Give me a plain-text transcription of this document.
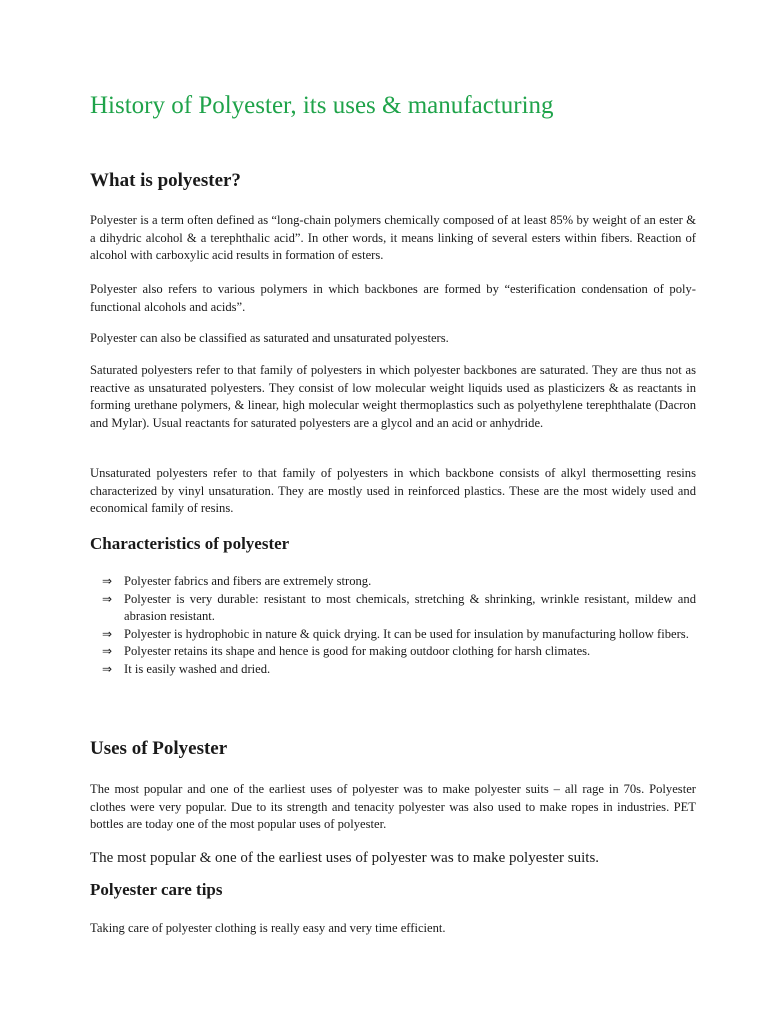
History of Polyester, its uses & manufacturing
What is polyester?

Polyester is a term often defined as “long-chain polymers chemically composed of at least 85% by weight of an ester & a dihydric alcohol & a terephthalic acid”. In other words, it means linking of several esters within fibers. Reaction of alcohol with carboxylic acid results in formation of esters.

Polyester also refers to various polymers in which backbones are formed by “esterification condensation of poly-functional alcohols and acids”.

Polyester can also be classified as saturated and unsaturated polyesters.

Saturated polyesters refer to that family of polyesters in which polyester backbones are saturated. They are thus not as reactive as unsaturated polyesters. They consist of low molecular weight liquids used as plasticizers & as reactants in forming urethane polymers, & linear, high molecular weight thermoplastics such as polyethylene terephthalate (Dacron and Mylar). Usual reactants for saturated polyesters are a glycol and an acid or anhydride.

Unsaturated polyesters refer to that family of polyesters in which backbone consists of alkyl thermosetting resins characterized by vinyl unsaturation. They are mostly used in reinforced plastics. These are the most widely used and economical family of resins.

Characteristics of polyester
⇒ Polyester fabrics and fibers are extremely strong.
⇒ Polyester is very durable: resistant to most chemicals, stretching & shrinking, wrinkle resistant, mildew and abrasion resistant.
⇒ Polyester is hydrophobic in nature & quick drying. It can be used for insulation by manufacturing hollow fibers.
⇒ Polyester retains its shape and hence is good for making outdoor clothing for harsh climates.
⇒ It is easily washed and dried.
Uses of Polyester

The most popular and one of the earliest uses of polyester was to make polyester suits – all rage in 70s. Polyester clothes were very popular. Due to its strength and tenacity polyester was also used to make ropes in industries. PET bottles are today one of the most popular uses of polyester.

The most popular & one of the earliest uses of polyester was to make polyester suits.

Polyester care tips

Taking care of polyester clothing is really easy and very time efficient.
